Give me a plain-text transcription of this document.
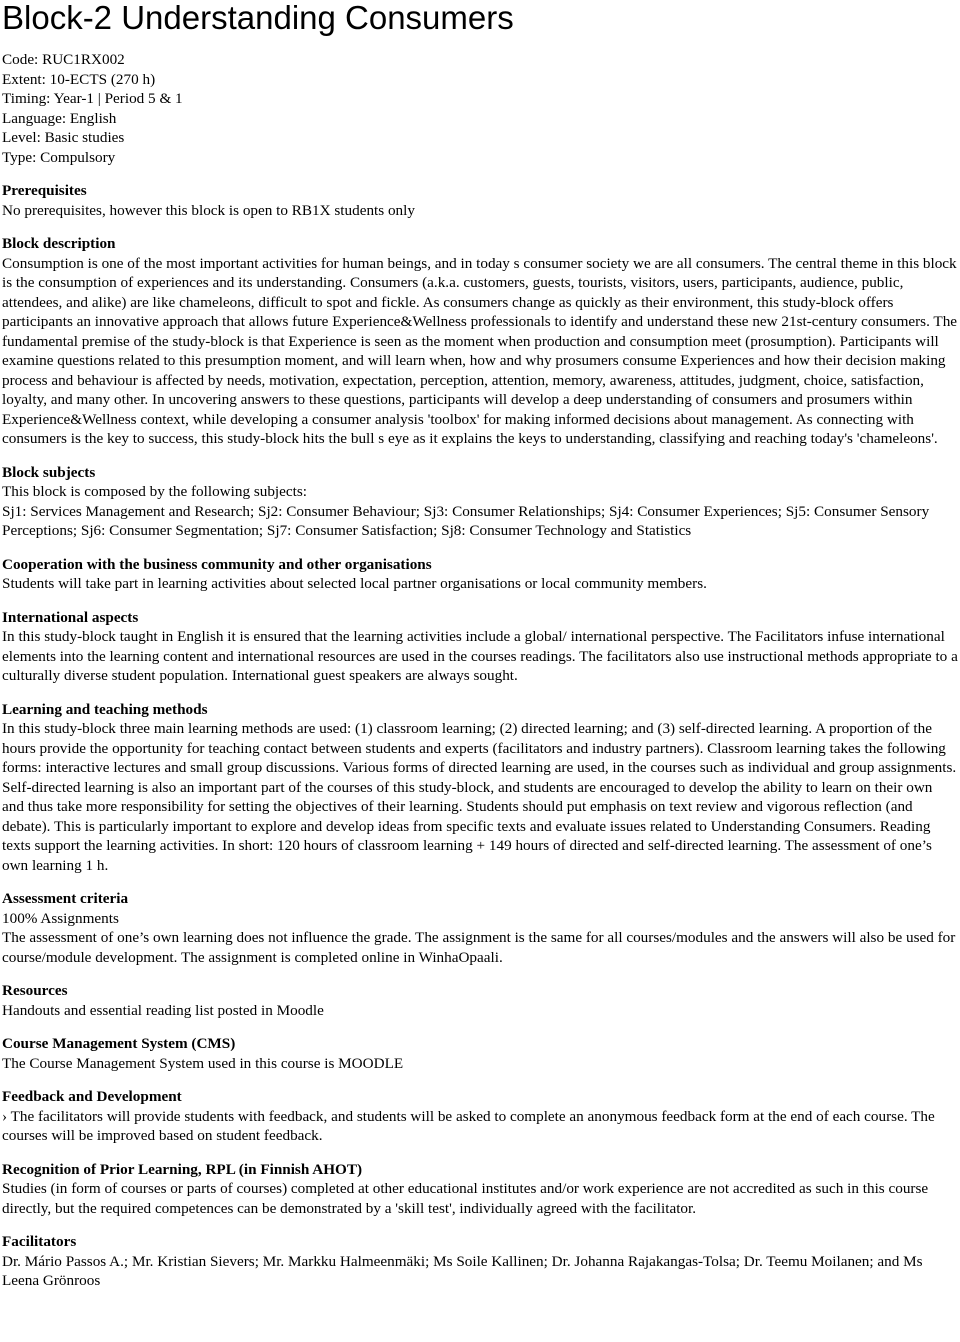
Block-2 Understanding Consumers
Code: RUC1RX002
Extent: 10-ECTS (270 h)
Timing: Year-1 | Period 5 & 1
Language: English
Level: Basic studies
Type: Compulsory
Prerequisites

No prerequisites, however this block is open to RB1X students only

Block description

Consumption is one of the most important activities for human beings, and in today s consumer society we are all consumers. The central theme in this block is the consumption of experiences and its understanding. Consumers (a.k.a. customers, guests, tourists, visitors, users, participants, audience, public, attendees, and alike) are like chameleons, difficult to spot and fickle. As consumers change as quickly as their environment, this study-block offers participants an innovative approach that allows future Experience&Wellness professionals to identify and understand these new 21st-century consumers. The fundamental premise of the study-block is that Experience is seen as the moment when production and consumption meet (prosumption). Participants will examine questions related to this presumption moment, and will learn when, how and why prosumers consume Experiences and how their decision making process and behaviour is affected by needs, motivation, expectation, perception, attention, memory, awareness, attitudes, judgment, choice, satisfaction, loyalty, and many other. In uncovering answers to these questions, participants will develop a deep understanding of consumers and prosumers within Experience&Wellness context, while developing a consumer analysis 'toolbox' for making informed decisions about management. As connecting with consumers is the key to success, this study-block hits the bull s eye as it explains the keys to understanding, classifying and reaching today's 'chameleons'.

Block subjects

This block is composed by the following subjects:

Sj1: Services Management and Research; Sj2: Consumer Behaviour; Sj3: Consumer Relationships; Sj4: Consumer Experiences; Sj5: Consumer Sensory Perceptions; Sj6: Consumer Segmentation; Sj7: Consumer Satisfaction; Sj8: Consumer Technology and Statistics

Cooperation with the business community and other organisations

Students will take part in learning activities about selected local partner organisations or local community members.

International aspects

In this study-block taught in English it is ensured that the learning activities include a global/ international perspective. The Facilitators infuse international elements into the learning content and international resources are used in the courses readings. The facilitators also use instructional methods appropriate to a culturally diverse student population. International guest speakers are always sought.

Learning and teaching methods

In this study-block three main learning methods are used: (1) classroom learning; (2) directed learning; and (3) self-directed learning. A proportion of the hours provide the opportunity for teaching contact between students and experts (facilitators and industry partners). Classroom learning takes the following forms: interactive lectures and small group discussions. Various forms of directed learning are used, in the courses such as individual and group assignments. Self-directed learning is also an important part of the courses of this study-block, and students are encouraged to develop the ability to learn on their own and thus take more responsibility for setting the objectives of their learning. Students should put emphasis on text review and vigorous reflection (and debate). This is particularly important to explore and develop ideas from specific texts and evaluate issues related to Understanding Consumers. Reading texts support the learning activities. In short: 120 hours of classroom learning + 149 hours of directed and self-directed learning. The assessment of one’s own learning 1 h.

Assessment criteria

100% Assignments

The assessment of one’s own learning does not influence the grade. The assignment is the same for all courses/modules and the answers will also be used for course/module development. The assignment is completed online in WinhaOpaali.

Resources

Handouts and essential reading list posted in Moodle

Course Management System (CMS)

The Course Management System used in this course is MOODLE

Feedback and Development

› The facilitators will provide students with feedback, and students will be asked to complete an anonymous feedback form at the end of each course. The courses will be improved based on student feedback.

Recognition of Prior Learning, RPL (in Finnish AHOT)

Studies (in form of courses or parts of courses) completed at other educational institutes and/or work experience are not accredited as such in this course directly, but the required competences can be demonstrated by a 'skill test', individually agreed with the facilitator.

Facilitators

Dr. Mário Passos A.; Mr. Kristian Sievers; Mr. Markku Halmeenmäki; Ms Soile Kallinen; Dr. Johanna Rajakangas-Tolsa; Dr. Teemu Moilanen; and Ms Leena Grönroos
